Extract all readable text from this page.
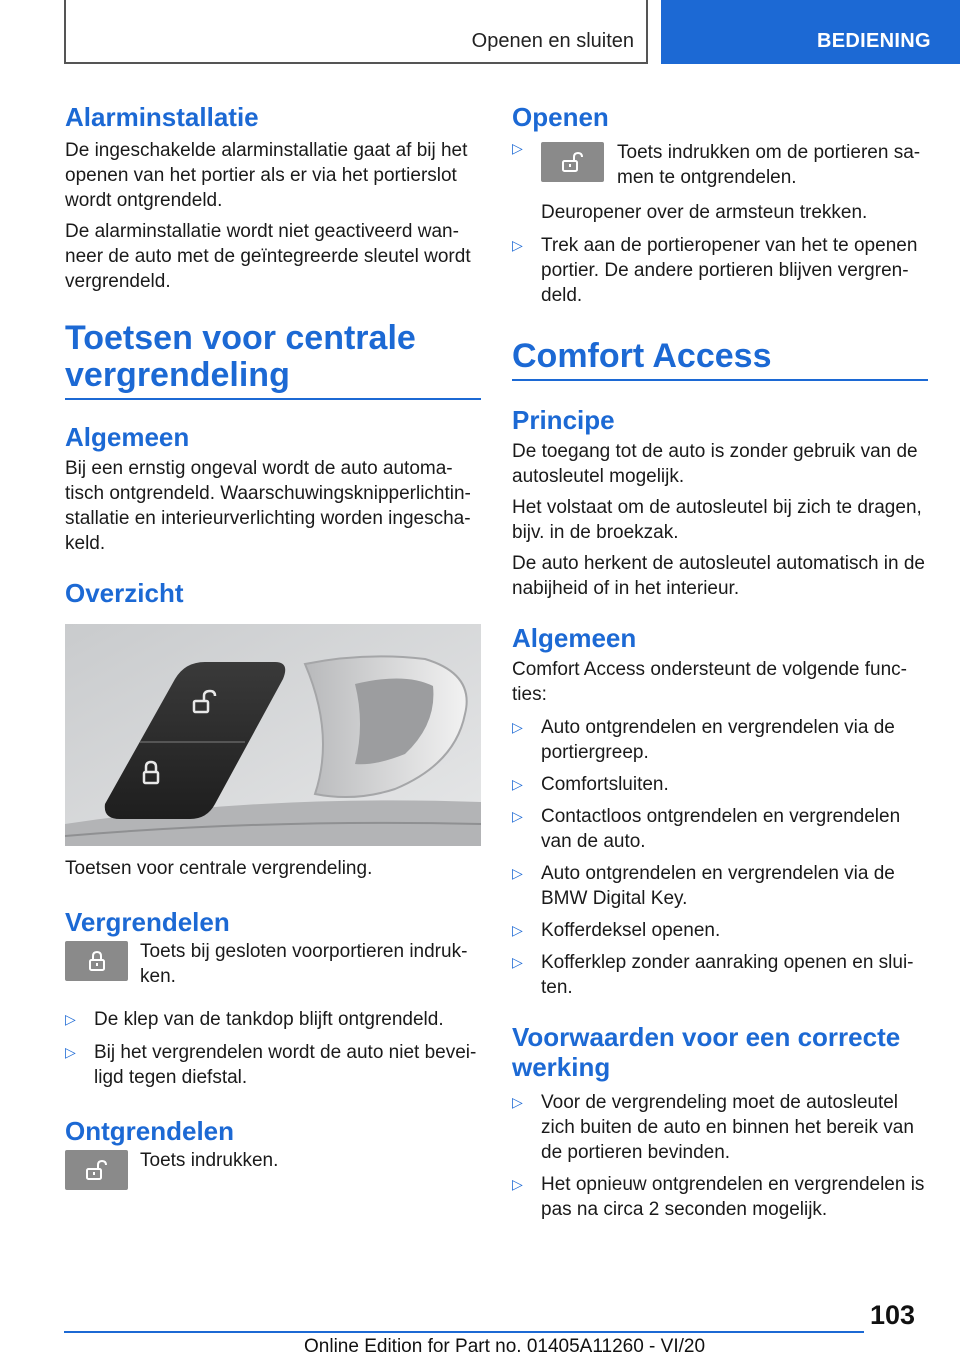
Openen en sluiten	BEDIENING
Alarminstallatie

De ingeschakelde alarminstallatie gaat af bij het openen van het portier als er via het portierslot wordt ontgrendeld.

De alarminstallatie wordt niet geactiveerd wan-neer de auto met de geïntegreerde sleutel wordt vergrendeld.

Toetsen voor centrale vergrendeling
Algemeen

Bij een ernstig ongeval wordt de auto automa-tisch ontgrendeld. Waarschuwingsknipperlichtin-stallatie en interieurverlichting worden ingescha-keld.

Overzicht

Toetsen voor centrale vergrendeling.

Vergrendelen
Toets bij gesloten voorportieren indruk-ken.
▷ De klep van de tankdop blijft ontgrendeld.
▷ Bij het vergrendelen wordt de auto niet bevei-ligd tegen diefstal.
Ontgrendelen
Toets indrukken.
Openen
▷	Toets indrukken om de portieren sa-men te ontgrendelen.

Deuropener over de armsteun trekken.

▷ Trek aan de portieropener van het te openen portier. De andere portieren blijven vergren-deld.
Comfort Access
Principe

De toegang tot de auto is zonder gebruik van de autosleutel mogelijk.

Het volstaat om de autosleutel bij zich te dragen, bijv. in de broekzak.

De auto herkent de autosleutel automatisch in de nabijheid of in het interieur.

Algemeen

Comfort Access ondersteunt de volgende func-ties:

▷ Auto ontgrendelen en vergrendelen via de portiergreep.
▷ Comfortsluiten.
▷ Contactloos ontgrendelen en vergrendelen van de auto.
▷ Auto ontgrendelen en vergrendelen via de BMW Digital Key.
▷ Kofferdeksel openen.
▷ Kofferklep zonder aanraking openen en slui-ten.
Voorwaarden voor een correcte werking
▷ Voor de vergrendeling moet de autosleutel zich buiten de auto en binnen het bereik van de portieren bevinden.
▷ Het opnieuw ontgrendelen en vergrendelen is pas na circa 2 seconden mogelijk.
103
Online Edition for Part no. 01405A11260 - VI/20
